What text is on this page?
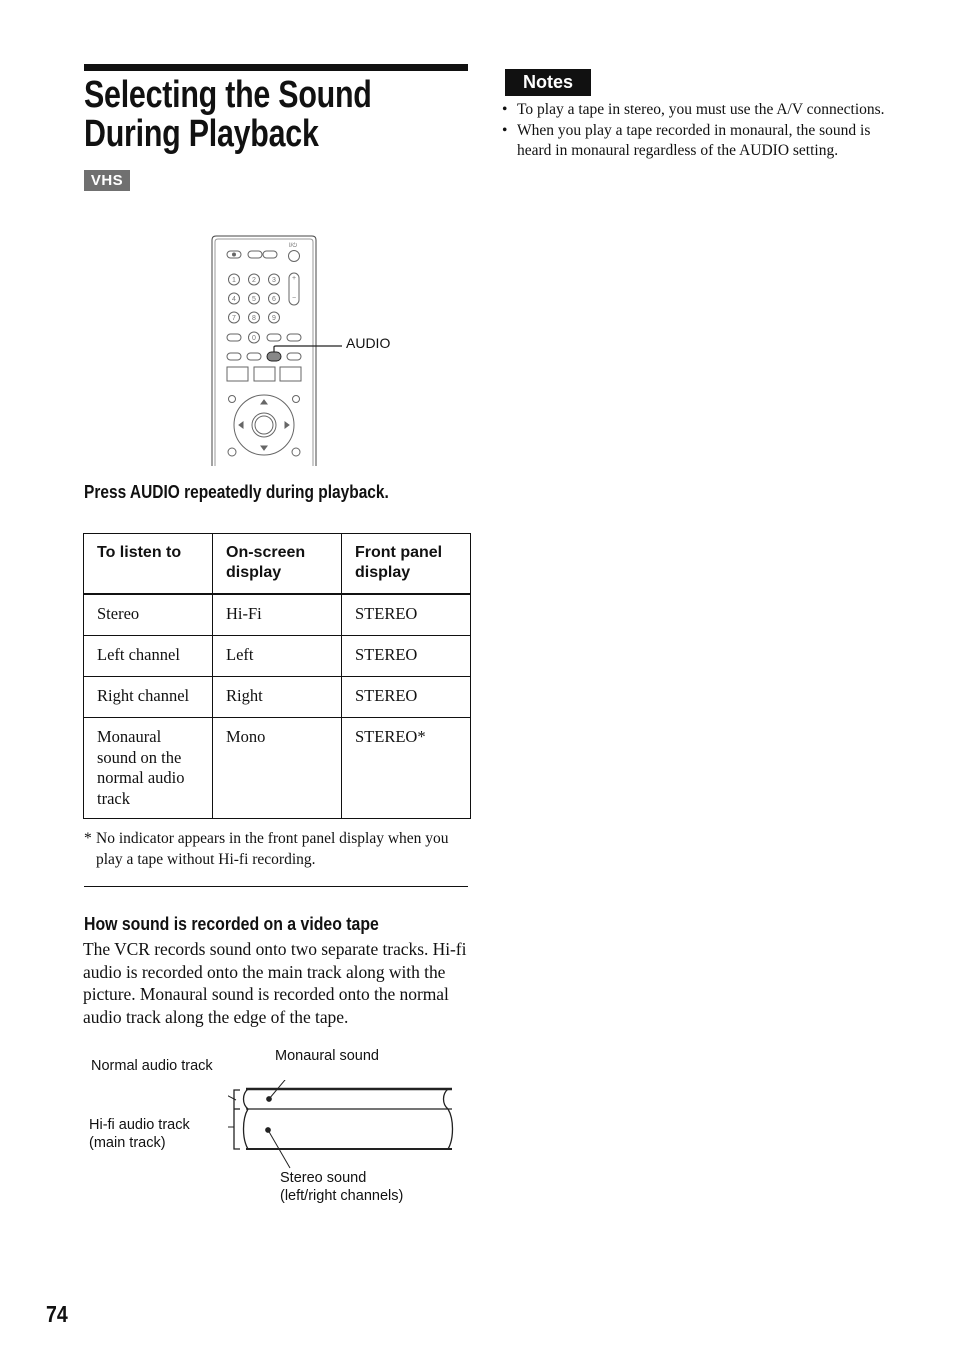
Selecting the Sound During Playback
VHS
Notes
• To play a tape in stereo, you must use the A/V connections.
• When you play a tape recorded in monaural, the sound is heard in monaural regardless of the AUDIO setting.
I/⏻
1 2 3
4 5 6
7 8 9
0
+
−
AUDIO

Press AUDIO repeatedly during playback.

To listen to	On-screen display	Front panel display
Stereo	Hi-Fi	STEREO
Left channel	Left	STEREO
Right channel	Right	STEREO
Monaural sound on the normal audio track	Mono	STEREO*
* No indicator appears in the front panel display when you play a tape without Hi-fi recording.
How sound is recorded on a video tape

The VCR records sound onto two separate tracks. Hi-fi audio is recorded onto the main track along with the picture. Monaural sound is recorded onto the normal audio track along the edge of the tape.

Normal audio track
Monaural sound
Hi-fi audio track
(main track)
Stereo sound
(left/right channels)
74
